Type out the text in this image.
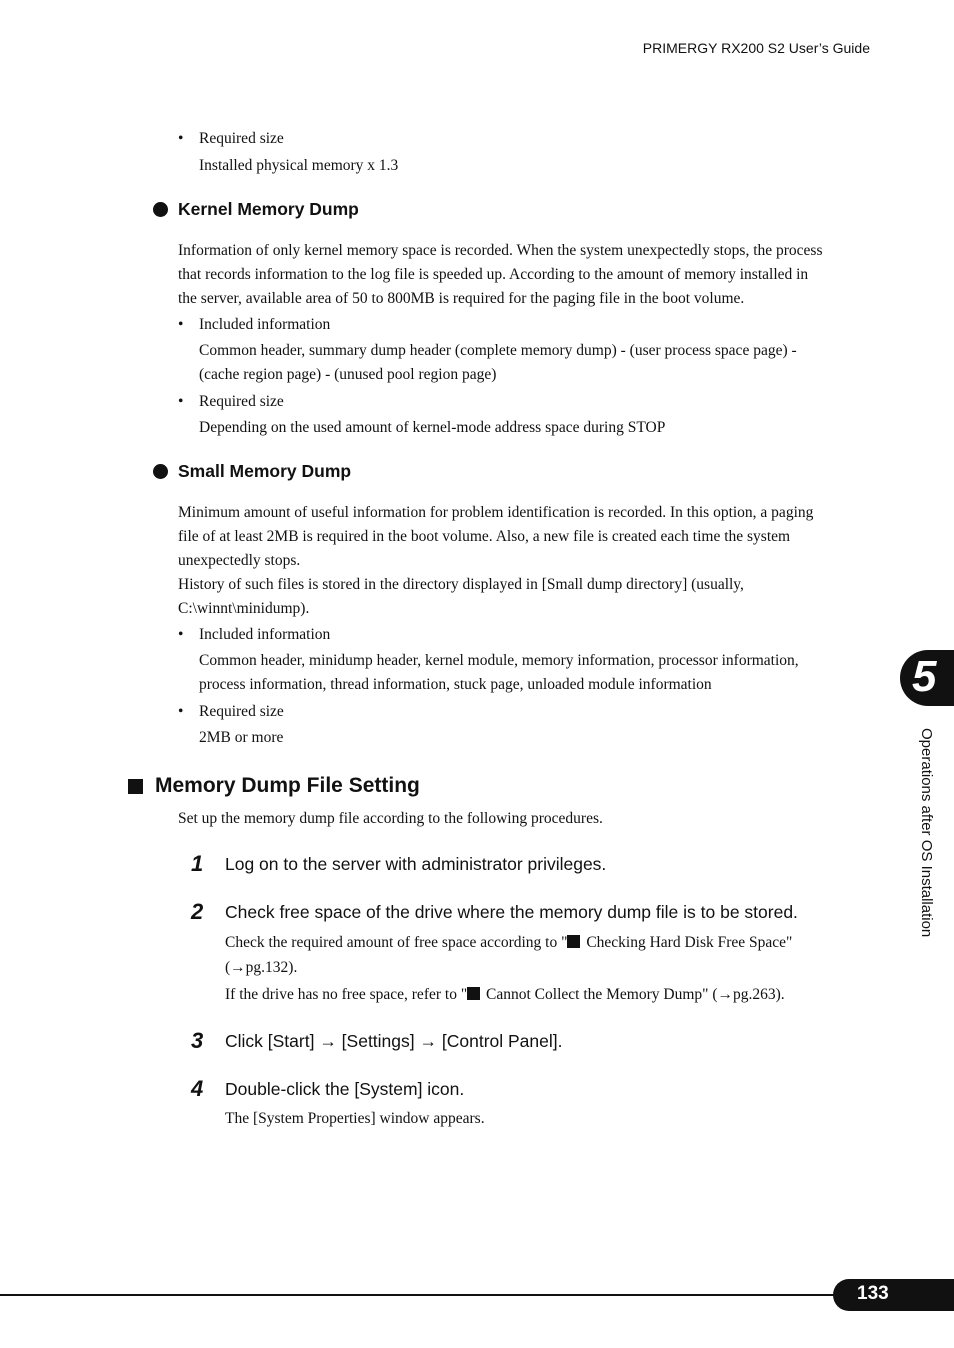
PRIMERGY RX200 S2 User’s Guide
• Required size
Installed physical memory x 1.3
Kernel Memory Dump
Information of only kernel memory space is recorded. When the system unexpectedly stops, the process
that records information to the log file is speeded up. According to the amount of memory installed in
the server, available area of 50 to 800MB is required for the paging file in the boot volume.
• Included information
Common header, summary dump header (complete memory dump) - (user process space page) -
(cache region page) - (unused pool region page)
• Required size
Depending on the used amount of kernel-mode address space during STOP
Small Memory Dump
Minimum amount of useful information for problem identification is recorded. In this option, a paging
file of at least 2MB is required in the boot volume. Also, a new file is created each time the system
unexpectedly stops.
History of such files is stored in the directory displayed in [Small dump directory] (usually,
C:\winnt\minidump).
• Included information
Common header, minidump header, kernel module, memory information, processor information,
process information, thread information, stuck page, unloaded module information
• Required size
2MB or more
Memory Dump File Setting
Set up the memory dump file according to the following procedures.
1 Log on to the server with administrator privileges.
2 Check free space of the drive where the memory dump file is to be stored.
Check the required amount of free space according to " Checking Hard Disk Free Space"
(→pg.132).
If the drive has no free space, refer to " Cannot Collect the Memory Dump" (→pg.263).
3 Click [Start] → [Settings] → [Control Panel].
4 Double-click the [System] icon.
The [System Properties] window appears.
5
Operations after OS Installation
133
